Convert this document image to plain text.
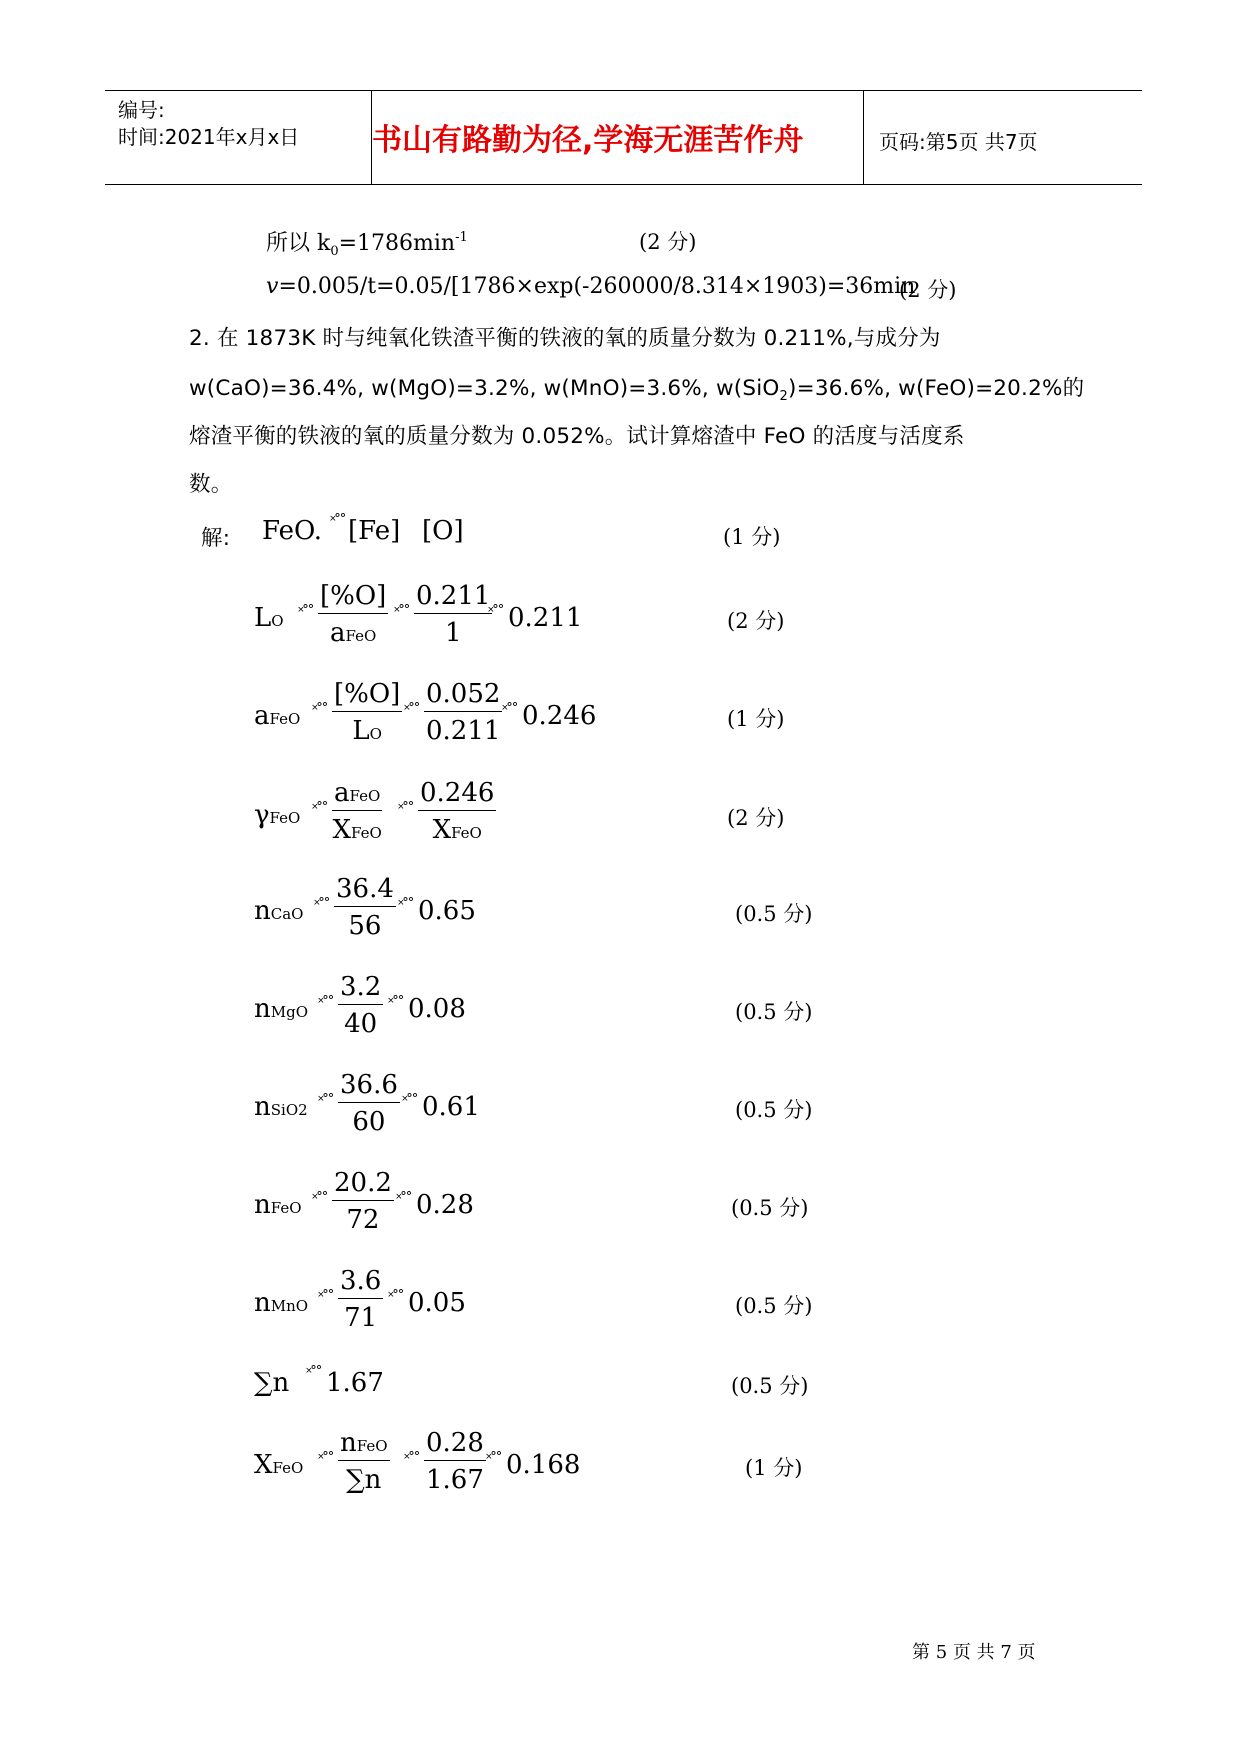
编号:
时间:2021年x月x日 书山有路勤为径,学海无涯苦作舟	页码:第5页 共7页
所以 $k_0=1786\min^{-1}$	(2 分)
v=0.005/t=0.05/[1786×exp(-260000/8.314×1903)=36min
(2 分)
2. 在 1873K 时与纯氧化铁渣平衡的铁液的氧的质量分数为 0.211%,与成分为
w(CaO)=36.4%, w(MgO)=3.2%, w(MnO)=3.6%, w(SiO$_2$)=36.6%, w(FeO)=20.2%的
熔渣平衡的铁液的氧的质量分数为 0.052%。试计算熔渣中 FeO 的活度与活度系
数。
解: FeO. ˟˚˚ [Fe] [O]	(1 分)
LO ˟˚˚
[%O]
aFeO
˟˚˚ $\frac{0.211}{1}$
˟˚˚ 0.211	(2 分)
aFeO ˟˚˚ $\frac{[\%O]}{LO}$ ˟˚˚ $\frac{0.052}{0.211}$ ˟˚˚ 0.246	(1 分)
γFeO ˟˚˚
aFeO
XFeO
˟˚˚
0.246
XFeO
(2 分)
nCaO ˟˚˚ $\frac{36.4}{56}$ ˟˚˚ 0.65	(0.5 分)
nMgO ˟˚˚ $\frac{3.2}{40}$ ˟˚˚ 0.08	(0.5 分)
nSiO2 ˟˚˚ $\frac{36.6}{60}$ ˟˚˚ 0.61	(0.5 分)
nFeO ˟˚˚ $\frac{20.2}{72}$ ˟˚˚ 0.28	(0.5 分)
nMnO ˟˚˚ $\frac{3.6}{71}$ ˟˚˚ 0.05	(0.5 分)
∑n ˟˚˚ 1.67	(0.5 分)
XFeO ˟˚˚
nFeO
∑n
˟˚˚ $\frac{0.28}{1.67}$ ˟˚˚ 0.168	(1 分)
第 5 页 共 7 页
